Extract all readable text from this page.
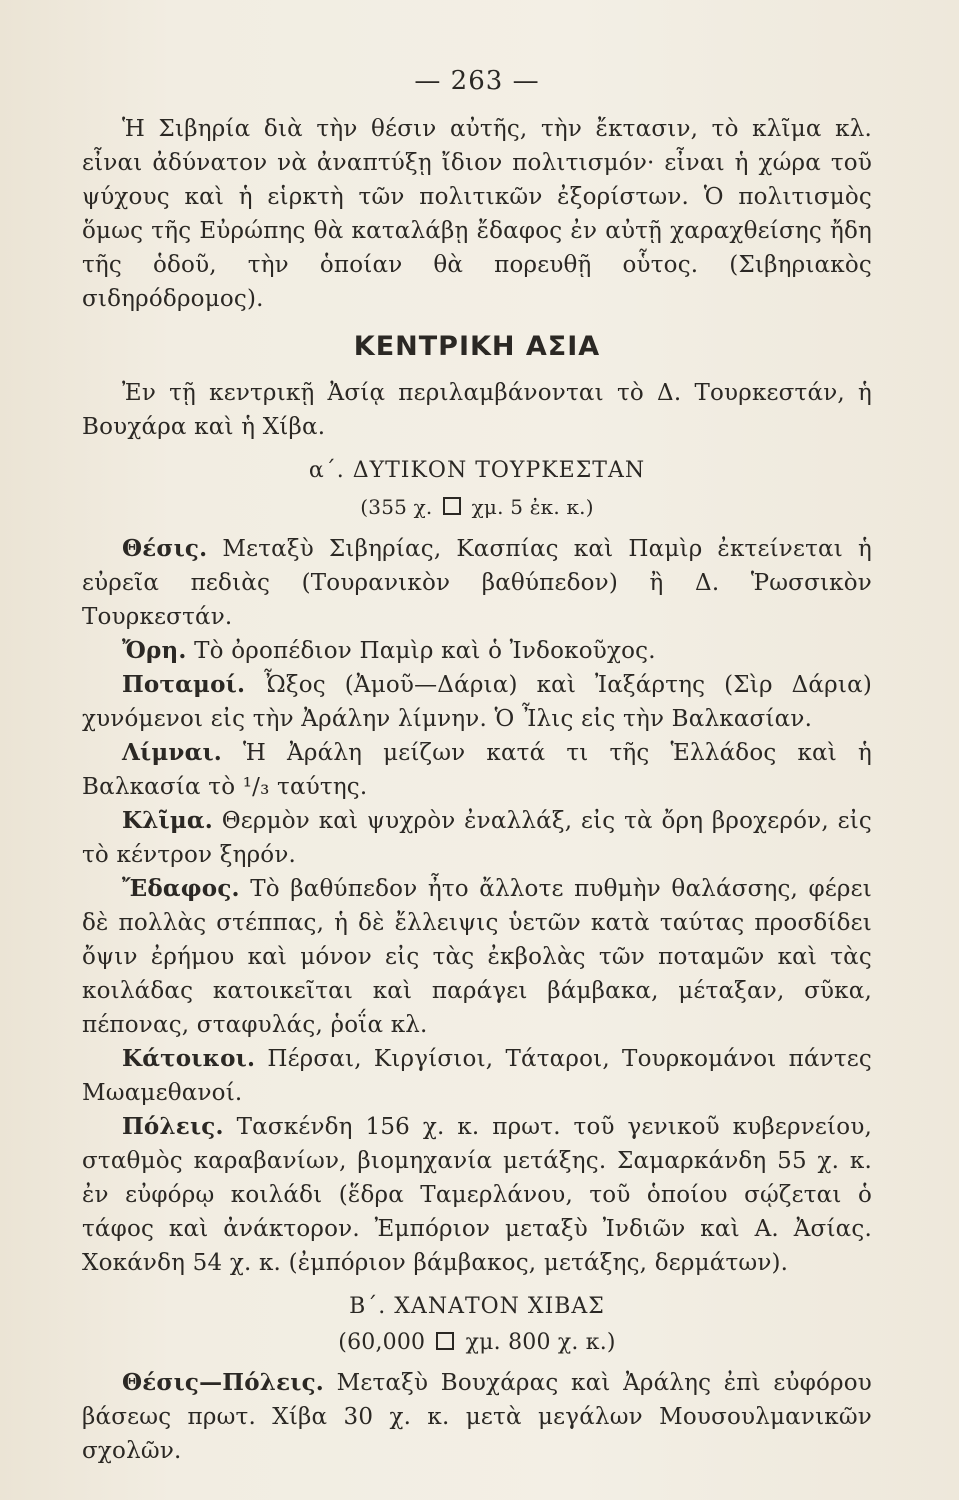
— 263 —

Ἡ Σιβηρία διὰ τὴν θέσιν αὐτῆς, τὴν ἔκτασιν, τὸ κλῖμα κλ. εἶναι ἀδύνατον νὰ ἀναπτύξῃ ἴδιον πολιτισμόν· εἶναι ἡ χώρα τοῦ ψύχους καὶ ἡ εἱρκτὴ τῶν πολιτικῶν ἐξορίστων. Ὁ πολιτισμὸς ὅμως τῆς Εὐρώπης θὰ καταλάβῃ ἔδαφος ἐν αὐτῇ χαραχθείσης ἤδη τῆς ὁδοῦ, τὴν ὁποίαν θὰ πορευθῇ οὗτος. (Σιβηριακὸς σιδηρόδρομος).

ΚΕΝΤΡΙΚΗ ΑΣΙΑ

Ἐν τῇ κεντρικῇ Ἀσίᾳ περιλαμβάνονται τὸ Δ. Τουρκεστάν, ἡ Βουχάρα καὶ ἡ Χίβα.

α΄. ΔΥΤΙΚΟΝ ΤΟΥΡΚΕΣΤΑΝ
(355 χ. χμ. 5 ἐκ. κ.)

Θέσις. Μεταξὺ Σιβηρίας, Κασπίας καὶ Παμὶρ ἐκτείνεται ἡ εὐρεῖα πεδιὰς (Τουρανικὸν βαθύπεδον) ἢ Δ. Ῥωσσικὸν Τουρκεστάν.

Ὄρη. Τὸ ὀροπέδιον Παμὶρ καὶ ὁ Ἰνδοκοῦχος.

Ποταμοί. Ὦξος (Ἀμοῦ—Δάρια) καὶ Ἰαξάρτης (Σὶρ Δάρια) χυνόμενοι εἰς τὴν Ἀράλην λίμνην. Ὁ Ἶλις εἰς τὴν Βαλκασίαν.

Λίμναι. Ἡ Ἀράλη μείζων κατά τι τῆς Ἑλλάδος καὶ ἡ Βαλκασία τὸ ¹/₃ ταύτης.

Κλῖμα. Θερμὸν καὶ ψυχρὸν ἐναλλάξ, εἰς τὰ ὄρη βροχερόν, εἰς τὸ κέντρον ξηρόν.

Ἔδαφος. Τὸ βαθύπεδον ἦτο ἄλλοτε πυθμὴν θαλάσσης, φέρει δὲ πολλὰς στέππας, ἡ δὲ ἔλλειψις ὑετῶν κατὰ ταύτας προσδίδει ὄψιν ἐρήμου καὶ μόνον εἰς τὰς ἐκβολὰς τῶν ποταμῶν καὶ τὰς κοιλάδας κατοικεῖται καὶ παράγει βάμβακα, μέταξαν, σῦκα, πέπονας, σταφυλάς, ῥοΐα κλ.

Κάτοικοι. Πέρσαι, Κιργίσιοι, Τάταροι, Τουρκομάνοι πάντες Μωαμεθανοί.

Πόλεις. Τασκένδη 156 χ. κ. πρωτ. τοῦ γενικοῦ κυβερνείου, σταθμὸς καραβανίων, βιομηχανία μετάξης. Σαμαρκάνδη 55 χ. κ. ἐν εὐφόρῳ κοιλάδι (ἕδρα Ταμερλάνου, τοῦ ὁποίου σῴζεται ὁ τάφος καὶ ἀνάκτορον. Ἐμπόριον μεταξὺ Ἰνδιῶν καὶ Α. Ἀσίας. Χοκάνδη 54 χ. κ. (ἐμπόριον βάμβακος, μετάξης, δερμάτων).

Β΄. ΧΑΝΑΤΟΝ ΧΙΒΑΣ
(60,000 χμ. 800 χ. κ.)

Θέσις—Πόλεις. Μεταξὺ Βουχάρας καὶ Ἀράλης ἐπὶ εὐφόρου βάσεως πρωτ. Χίβα 30 χ. κ. μετὰ μεγάλων Μουσουλμανικῶν σχολῶν.
